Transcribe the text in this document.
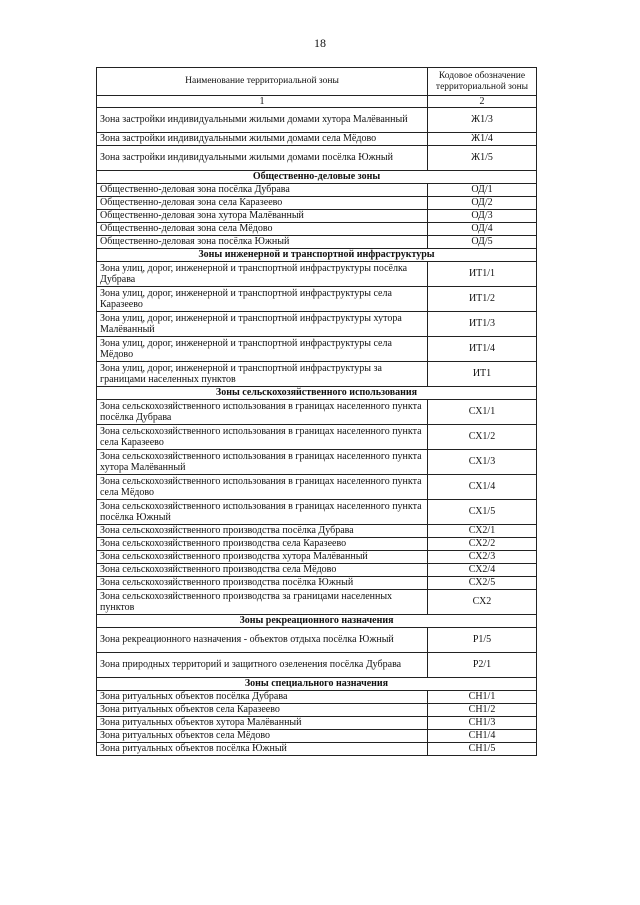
18
Наименование территориальной зоны	Кодовое обозначение территориальной зоны
1	2
Зона застройки индивидуальными жилыми домами хутора Малёванный	Ж1/3
Зона застройки индивидуальными жилыми домами села Мёдово	Ж1/4
Зона застройки индивидуальными жилыми домами посёлка Южный	Ж1/5
Общественно-деловые зоны	
Общественно-деловая зона посёлка Дубрава	ОД/1
Общественно-деловая зона села Каразеево	ОД/2
Общественно-деловая зона хутора Малёванный	ОД/3
Общественно-деловая зона села Мёдово	ОД/4
Общественно-деловая зона посёлка Южный	ОД/5
Зоны инженерной и транспортной инфраструктуры	
Зона улиц, дорог, инженерной и транспортной инфраструктуры посёлка Дубрава	ИТ1/1
Зона улиц, дорог, инженерной и транспортной инфраструктуры села Каразеево	ИТ1/2
Зона улиц, дорог, инженерной и транспортной инфраструктуры хутора Малёванный	ИТ1/3
Зона улиц, дорог, инженерной и транспортной инфраструктуры села Мёдово	ИТ1/4
Зона улиц, дорог, инженерной и транспортной инфраструктуры за границами населенных пунктов	ИТ1
Зоны сельскохозяйственного использования	
Зона сельскохозяйственного использования в границах населенного пункта посёлка Дубрава	СХ1/1
Зона сельскохозяйственного использования в границах населенного пункта села Каразеево	СХ1/2
Зона сельскохозяйственного использования в границах населенного пункта хутора Малёванный	СХ1/3
Зона сельскохозяйственного использования в границах населенного пункта села Мёдово	СХ1/4
Зона сельскохозяйственного использования в границах населенного пункта посёлка Южный	СХ1/5
Зона сельскохозяйственного производства посёлка Дубрава	СХ2/1
Зона сельскохозяйственного производства села Каразеево	СХ2/2
Зона сельскохозяйственного производства хутора Малёванный	СХ2/3
Зона сельскохозяйственного производства села Мёдово	СХ2/4
Зона сельскохозяйственного производства посёлка Южный	СХ2/5
Зона сельскохозяйственного производства за границами населенных пунктов	СХ2
Зоны рекреационного назначения	
Зона рекреационного назначения - объектов отдыха посёлка Южный	Р1/5
Зона природных территорий и защитного озеленения посёлка Дубрава	Р2/1
Зоны специального назначения	
Зона ритуальных объектов посёлка Дубрава	СН1/1
Зона ритуальных объектов села Каразеево	СН1/2
Зона ритуальных объектов хутора Малёванный	СН1/3
Зона ритуальных объектов села Мёдово	СН1/4
Зона ритуальных объектов посёлка Южный	СН1/5
